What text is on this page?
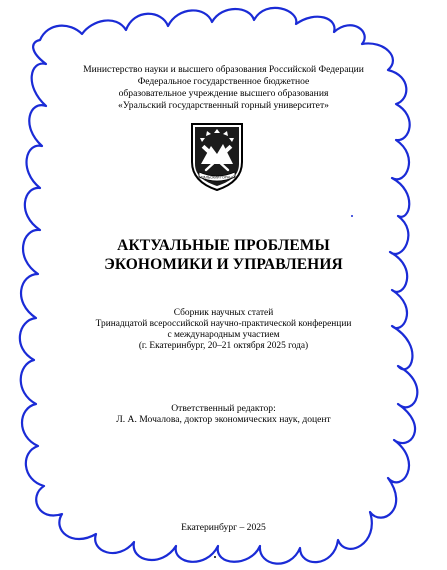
Министерство науки и высшего образования Российской Федерации
Федеральное государственное бюджетное
образовательное учреждение высшего образования
«Уральский государственный горный университет»
УРАЛЬСКИЙ ГОРНЫЙ
АКТУАЛЬНЫЕ ПРОБЛЕМЫ
ЭКОНОМИКИ И УПРАВЛЕНИЯ
Сборник научных статей
Тринадцатой всероссийской научно-практической конференции
с международным участием
(г. Екатеринбург, 20–21 октября 2025 года)
Ответственный редактор:
Л. А. Мочалова, доктор экономических наук, доцент
Екатеринбург – 2025
